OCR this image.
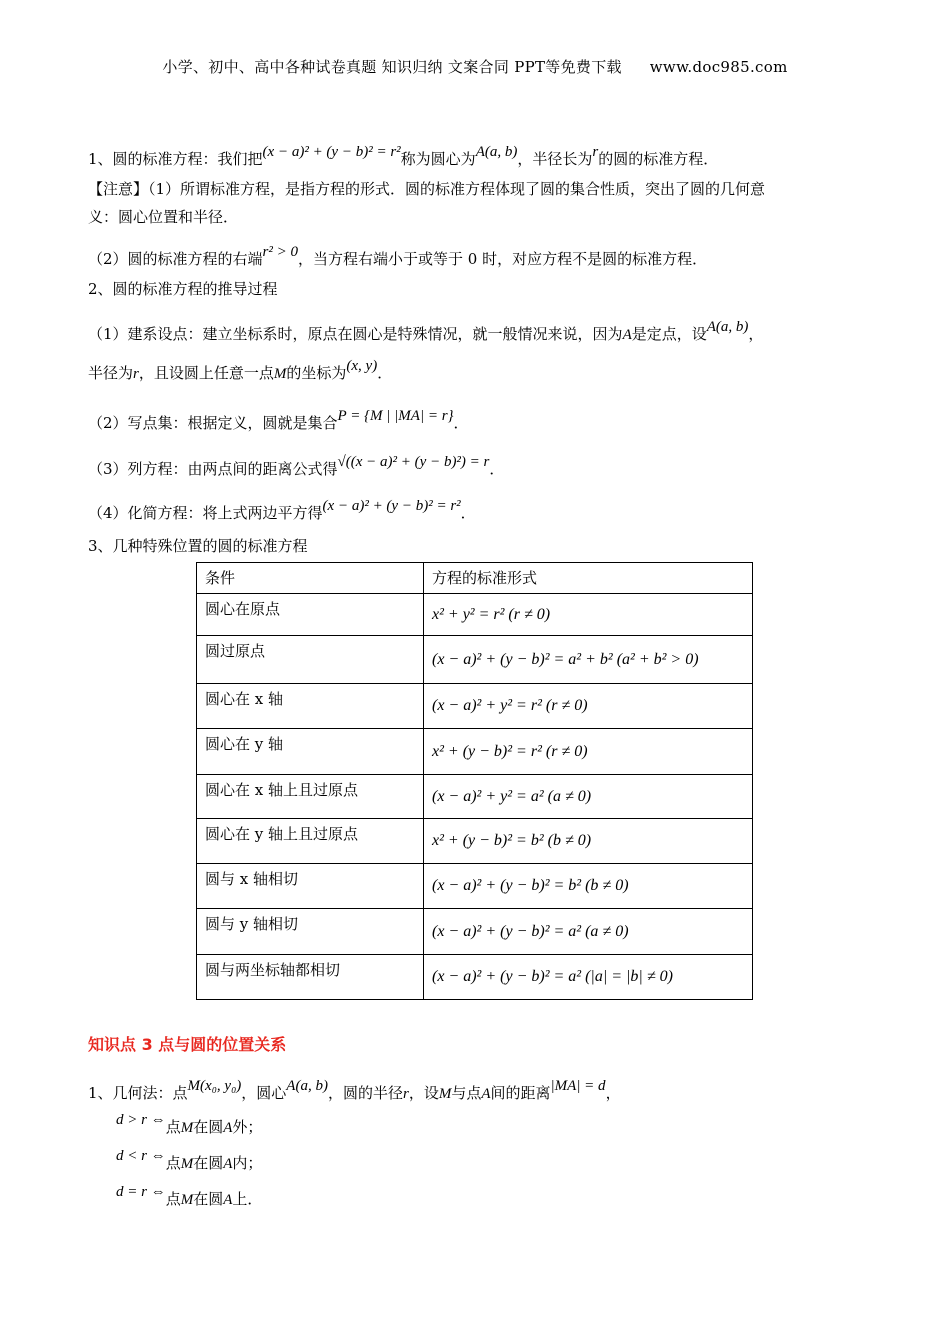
小学、初中、高中各种试卷真题 知识归纳 文案合同 PPT等免费下载 www.doc985.com
1、圆的标准方程：我们把(x − a)² + (y − b)² = r²称为圆心为A(a, b)，半径长为r的圆的标准方程．
【注意】（1）所谓标准方程，是指方程的形式．圆的标准方程体现了圆的集合性质，突出了圆的几何意
义：圆心位置和半径．
（2）圆的标准方程的右端r² > 0，当方程右端小于或等于 0 时，对应方程不是圆的标准方程．
2、圆的标准方程的推导过程
（1）建系设点：建立坐标系时，原点在圆心是特殊情况，就一般情况来说，因为A是定点，设A(a, b)，
半径为r，且设圆上任意一点M的坐标为(x, y)．
（2）写点集：根据定义，圆就是集合P = {M | |MA| = r}．
（3）列方程：由两点间的距离公式得√((x − a)² + (y − b)²) = r．
（4）化简方程：将上式两边平方得(x − a)² + (y − b)² = r²．
3、几种特殊位置的圆的标准方程
条件	方程的标准形式
圆心在原点	x² + y² = r² (r ≠ 0)
圆过原点	(x − a)² + (y − b)² = a² + b² (a² + b² > 0)
圆心在 x 轴	(x − a)² + y² = r² (r ≠ 0)
圆心在 y 轴	x² + (y − b)² = r² (r ≠ 0)
圆心在 x 轴上且过原点	(x − a)² + y² = a² (a ≠ 0)
圆心在 y 轴上且过原点	x² + (y − b)² = b² (b ≠ 0)
圆与 x 轴相切	(x − a)² + (y − b)² = b² (b ≠ 0)
圆与 y 轴相切	(x − a)² + (y − b)² = a² (a ≠ 0)
圆与两坐标轴都相切	(x − a)² + (y − b)² = a² (|a| = |b| ≠ 0)
知识点 3 点与圆的位置关系
1、几何法：点M(x₀, y₀)，圆心A(a, b)，圆的半径r，设M与点A间的距离|MA| = d，
d > r ⇔点M在圆A外；
d < r ⇔点M在圆A内；
d = r ⇔点M在圆A上．
